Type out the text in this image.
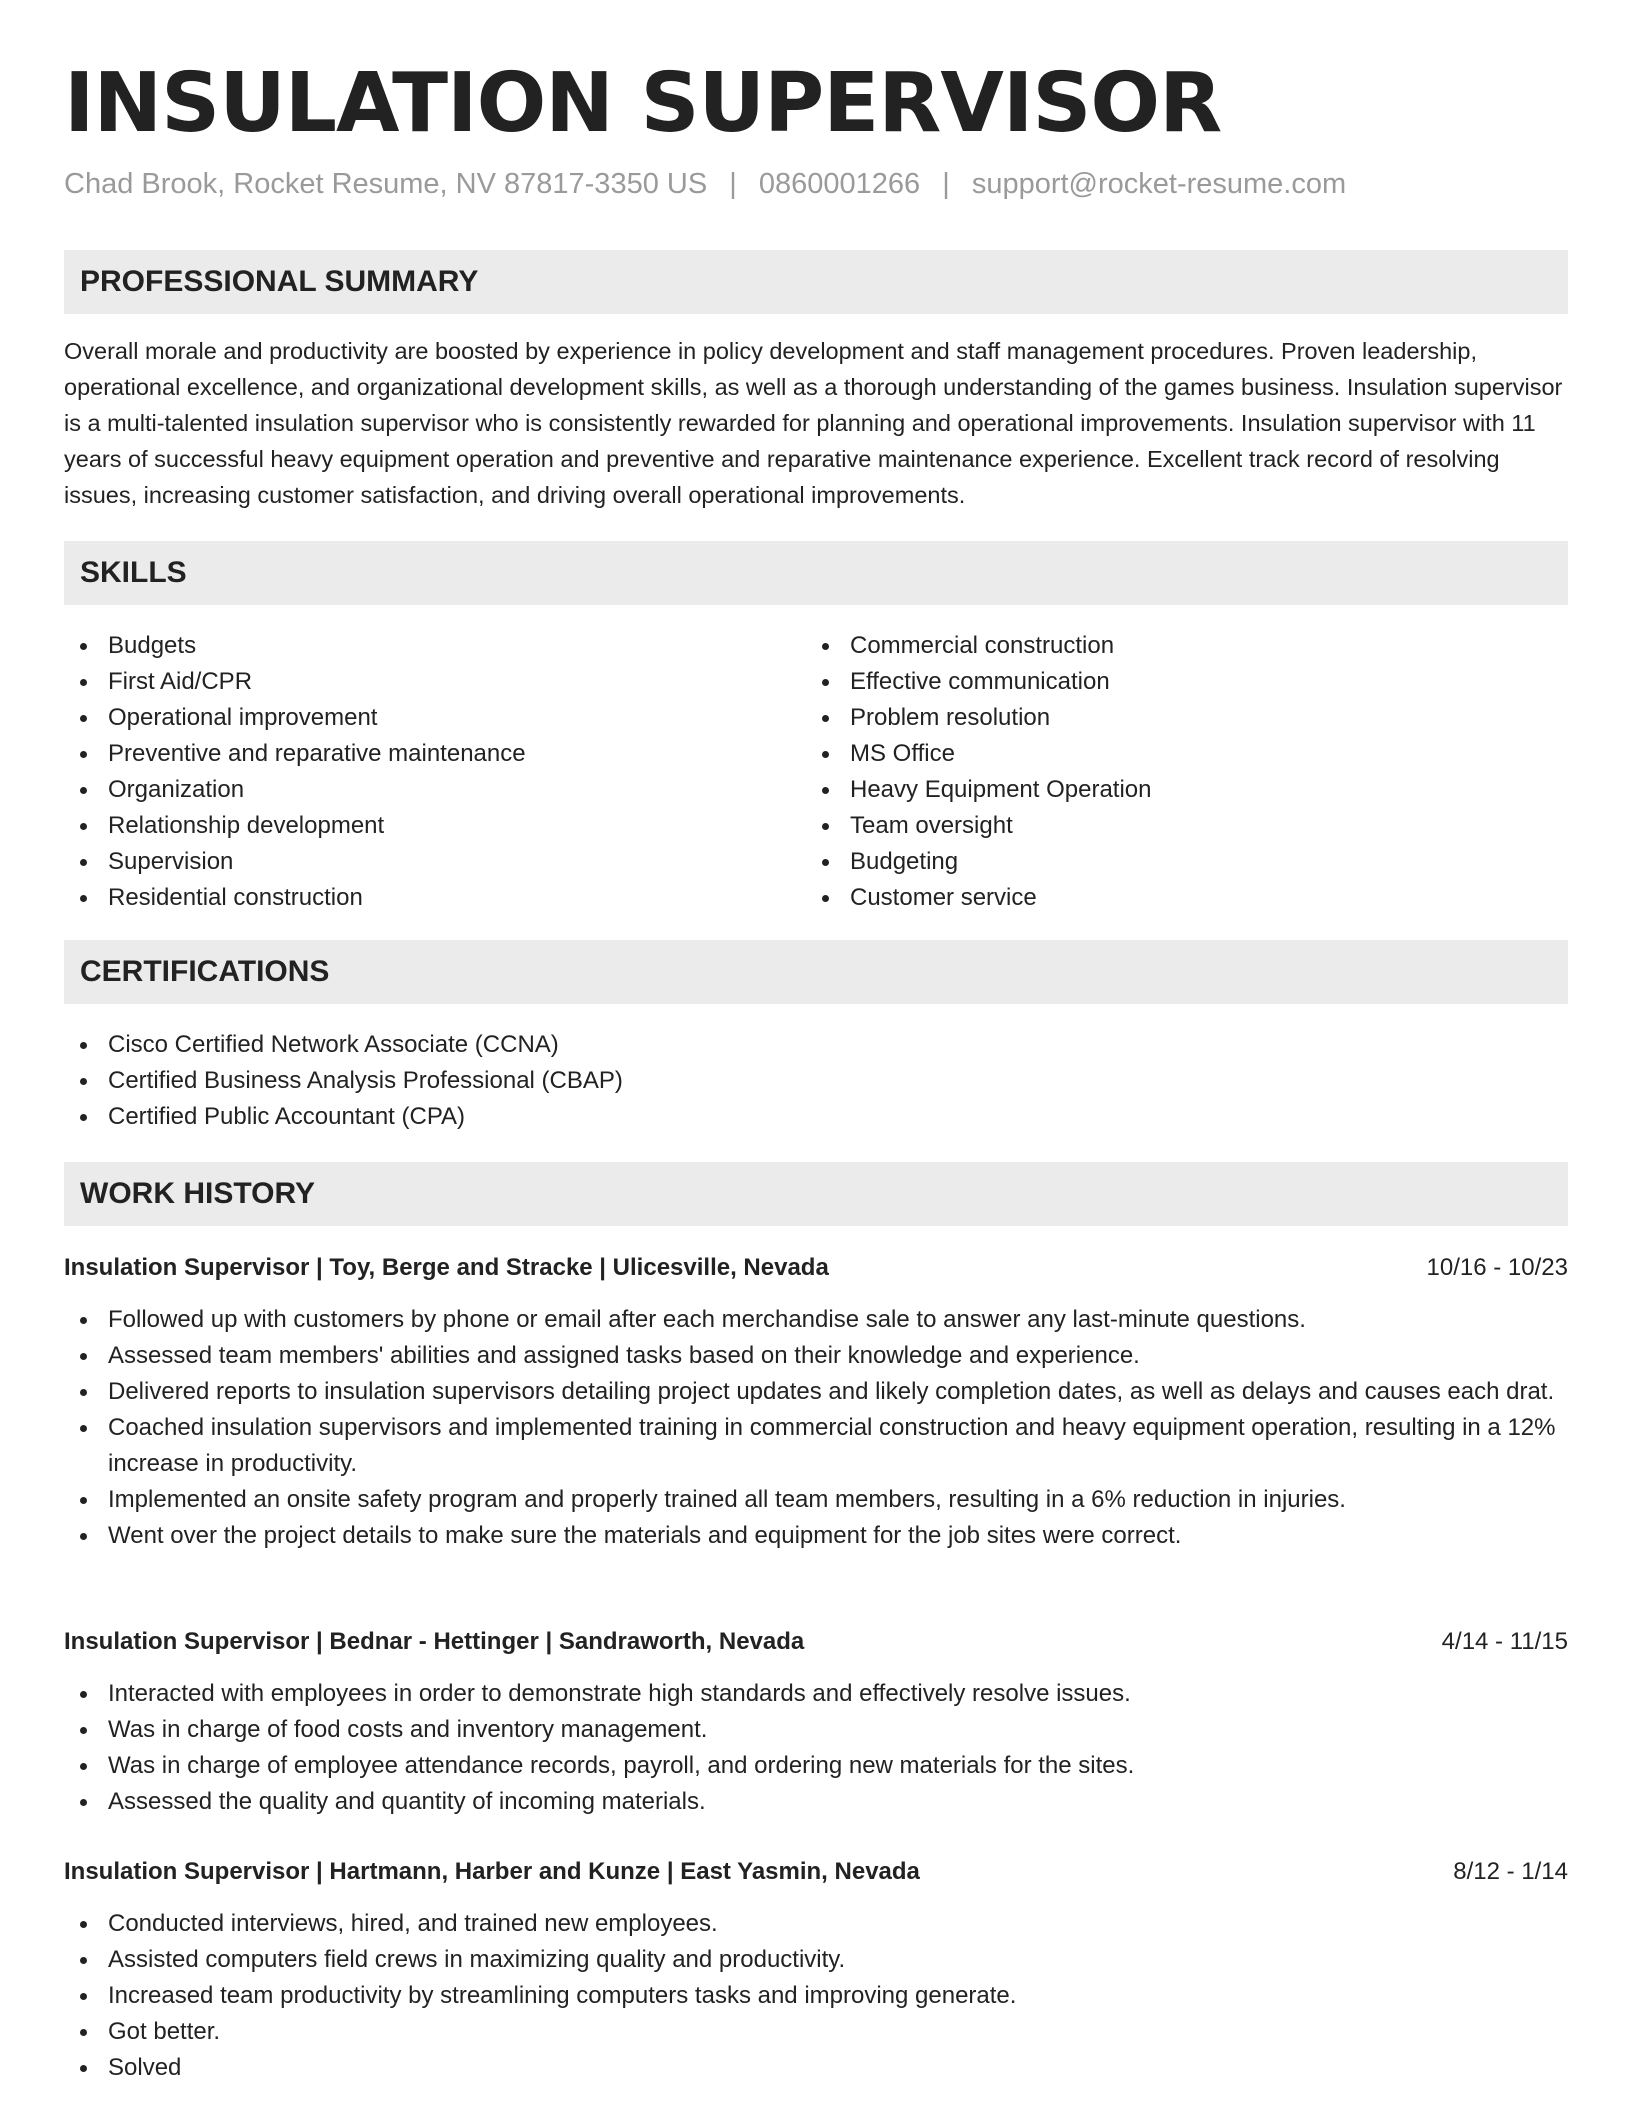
INSULATION SUPERVISOR
Chad Brook, Rocket Resume, NV 87817-3350 US | 0860001266 | support@rocket-resume.com
PROFESSIONAL SUMMARY

Overall morale and productivity are boosted by experience in policy development and staff management procedures. Proven leadership, operational excellence, and organizational development skills, as well as a thorough understanding of the games business. Insulation supervisor is a multi-talented insulation supervisor who is consistently rewarded for planning and operational improvements. Insulation supervisor with 11 years of successful heavy equipment operation and preventive and reparative maintenance experience. Excellent track record of resolving issues, increasing customer satisfaction, and driving overall operational improvements.

SKILLS
Budgets
First Aid/CPR
Operational improvement
Preventive and reparative maintenance
Organization
Relationship development
Supervision
Residential construction
Commercial construction
Effective communication
Problem resolution
MS Office
Heavy Equipment Operation
Team oversight
Budgeting
Customer service
CERTIFICATIONS
Cisco Certified Network Associate (CCNA)
Certified Business Analysis Professional (CBAP)
Certified Public Accountant (CPA)
WORK HISTORY
Insulation Supervisor | Toy, Berge and Stracke | Ulicesville, Nevada	10/16 - 10/23
Followed up with customers by phone or email after each merchandise sale to answer any last-minute questions.
Assessed team members' abilities and assigned tasks based on their knowledge and experience.
Delivered reports to insulation supervisors detailing project updates and likely completion dates, as well as delays and causes each drat.
Coached insulation supervisors and implemented training in commercial construction and heavy equipment operation, resulting in a 12% increase in productivity.
Implemented an onsite safety program and properly trained all team members, resulting in a 6% reduction in injuries.
Went over the project details to make sure the materials and equipment for the job sites were correct.
Insulation Supervisor | Bednar - Hettinger | Sandraworth, Nevada	4/14 - 11/15
Interacted with employees in order to demonstrate high standards and effectively resolve issues.
Was in charge of food costs and inventory management.
Was in charge of employee attendance records, payroll, and ordering new materials for the sites.
Assessed the quality and quantity of incoming materials.
Insulation Supervisor | Hartmann, Harber and Kunze | East Yasmin, Nevada	8/12 - 1/14
Conducted interviews, hired, and trained new employees.
Assisted computers field crews in maximizing quality and productivity.
Increased team productivity by streamlining computers tasks and improving generate.
Got better.
Solved
